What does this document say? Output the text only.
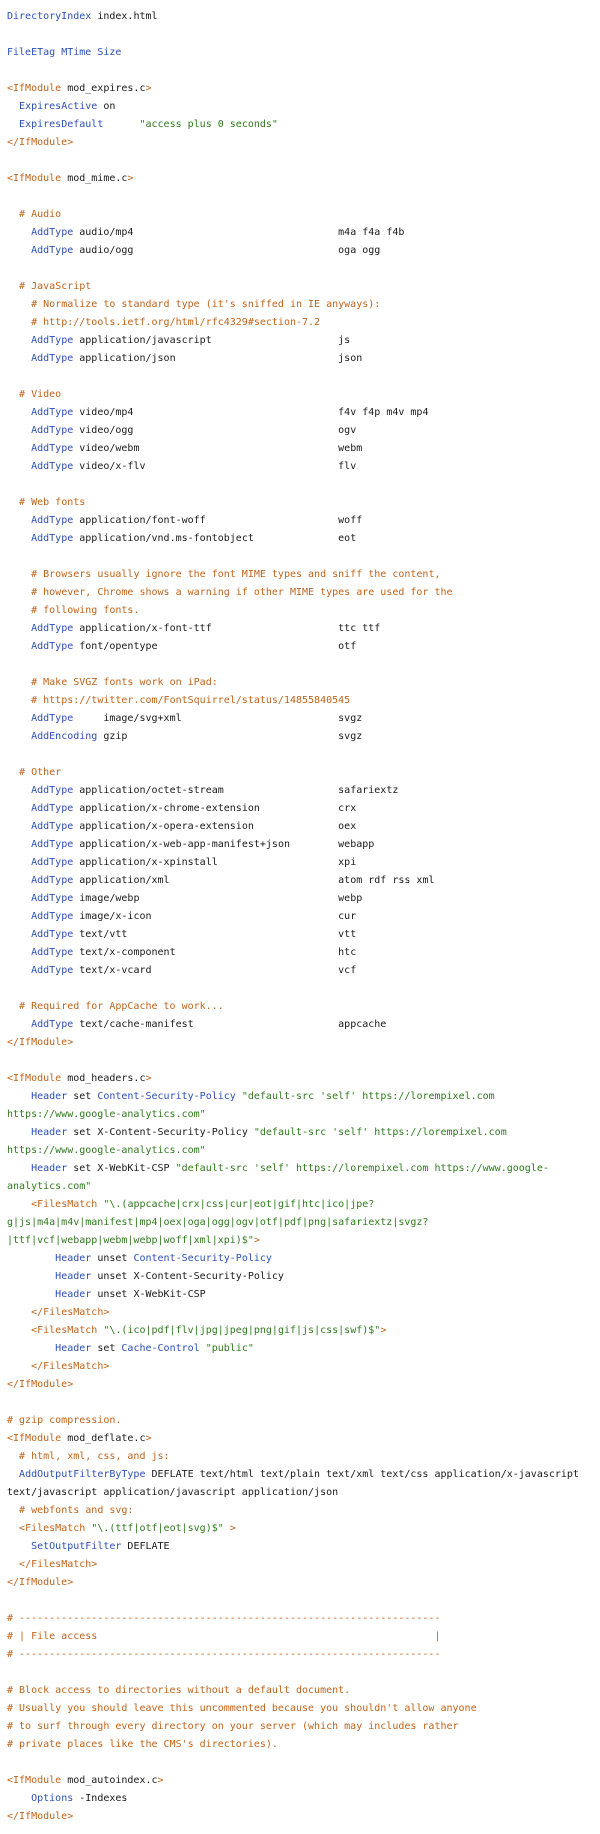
DirectoryIndex index.html
FileETag MTime Size
<IfModule mod_expires.c>
ExpiresActive on
ExpiresDefault	"access plus 0 seconds"
</IfModule>
<IfModule mod_mime.c>
# Audio
AddType audio/mp4                                  m4a f4a f4b
AddType audio/ogg                                  oga ogg
# JavaScript
# Normalize to standard type (it's sniffed in IE anyways):
# http://tools.ietf.org/html/rfc4329#section-7.2
AddType application/javascript                     js
AddType application/json                           json
# Video
AddType video/mp4                                  f4v f4p m4v mp4
AddType video/ogg                                  ogv
AddType video/webm                                 webm
AddType video/x-flv                                flv
# Web fonts
AddType application/font-woff                      woff
AddType application/vnd.ms-fontobject              eot
# Browsers usually ignore the font MIME types and sniff the content,
# however, Chrome shows a warning if other MIME types are used for the
# following fonts.
AddType application/x-font-ttf                     ttc ttf
AddType font/opentype                              otf
# Make SVGZ fonts work on iPad:
# https://twitter.com/FontSquirrel/status/14855840545
AddType     image/svg+xml                          svgz
AddEncoding gzip                                   svgz
# Other
AddType application/octet-stream                   safariextz
AddType application/x-chrome-extension             crx
AddType application/x-opera-extension              oex
AddType application/x-web-app-manifest+json        webapp
AddType application/x-xpinstall                    xpi
AddType application/xml                            atom rdf rss xml
AddType image/webp                                 webp
AddType image/x-icon                               cur
AddType text/vtt                                   vtt
AddType text/x-component                           htc
AddType text/x-vcard                               vcf
# Required for AppCache to work...
AddType text/cache-manifest                        appcache
</IfModule>
<IfModule mod_headers.c>
Header set Content-Security-Policy "default-src 'self' https://lorempixel.com
https://www.google-analytics.com"
Header set X-Content-Security-Policy "default-src 'self' https://lorempixel.com
https://www.google-analytics.com"
Header set X-WebKit-CSP "default-src 'self' https://lorempixel.com https://www.google-
analytics.com"
<FilesMatch "\.(appcache|crx|css|cur|eot|gif|htc|ico|jpe?
g|js|m4a|m4v|manifest|mp4|oex|oga|ogg|ogv|otf|pdf|png|safariextz|svgz?
|ttf|vcf|webapp|webm|webp|woff|xml|xpi)$">
Header unset Content-Security-Policy
Header unset X-Content-Security-Policy
Header unset X-WebKit-CSP
</FilesMatch>
<FilesMatch "\.(ico|pdf|flv|jpg|jpeg|png|gif|js|css|swf)$">
Header set Cache-Control "public"
</FilesMatch>
</IfModule>
# gzip compression.
<IfModule mod_deflate.c>
# html, xml, css, and js:
AddOutputFilterByType DEFLATE text/html text/plain text/xml text/css application/x-javascript
text/javascript application/javascript application/json
# webfonts and svg:
<FilesMatch "\.(ttf|otf|eot|svg)$" >
SetOutputFilter DEFLATE
</FilesMatch>
</IfModule>
# ----------------------------------------------------------------------
# | File access                                                        |
# ----------------------------------------------------------------------
# Block access to directories without a default document.
# Usually you should leave this uncommented because you shouldn't allow anyone
# to surf through every directory on your server (which may includes rather
# private places like the CMS's directories).
<IfModule mod_autoindex.c>
Options -Indexes
</IfModule>
